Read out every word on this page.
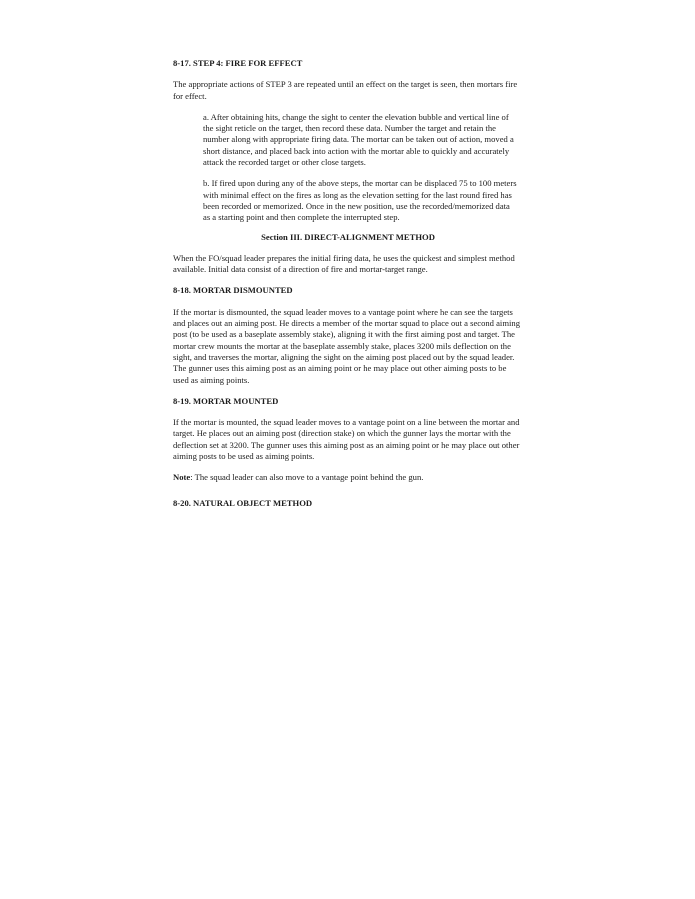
8-17. STEP 4: FIRE FOR EFFECT

The appropriate actions of STEP 3 are repeated until an effect on the target is seen, then mortars fire for effect.

a. After obtaining hits, change the sight to center the elevation bubble and vertical line of the sight reticle on the target, then record these data. Number the target and retain the number along with appropriate firing data. The mortar can be taken out of action, moved a short distance, and placed back into action with the mortar able to quickly and accurately attack the recorded target or other close targets.

b. If fired upon during any of the above steps, the mortar can be displaced 75 to 100 meters with minimal effect on the fires as long as the elevation setting for the last round fired has been recorded or memorized. Once in the new position, use the recorded/memorized data as a starting point and then complete the interrupted step.

Section III. DIRECT-ALIGNMENT METHOD

When the FO/squad leader prepares the initial firing data, he uses the quickest and simplest method available. Initial data consist of a direction of fire and mortar-target range.

8-18. MORTAR DISMOUNTED

If the mortar is dismounted, the squad leader moves to a vantage point where he can see the targets and places out an aiming post. He directs a member of the mortar squad to place out a second aiming post (to be used as a baseplate assembly stake), aligning it with the first aiming post and target. The mortar crew mounts the mortar at the baseplate assembly stake, places 3200 mils deflection on the sight, and traverses the mortar, aligning the sight on the aiming post placed out by the squad leader. The gunner uses this aiming post as an aiming point or he may place out other aiming posts to be used as aiming points.

8-19. MORTAR MOUNTED

If the mortar is mounted, the squad leader moves to a vantage point on a line between the mortar and target. He places out an aiming post (direction stake) on which the gunner lays the mortar with the deflection set at 3200. The gunner uses this aiming post as an aiming point or he may place out other aiming posts to be used as aiming points.

Note: The squad leader can also move to a vantage point behind the gun.

8-20. NATURAL OBJECT METHOD
